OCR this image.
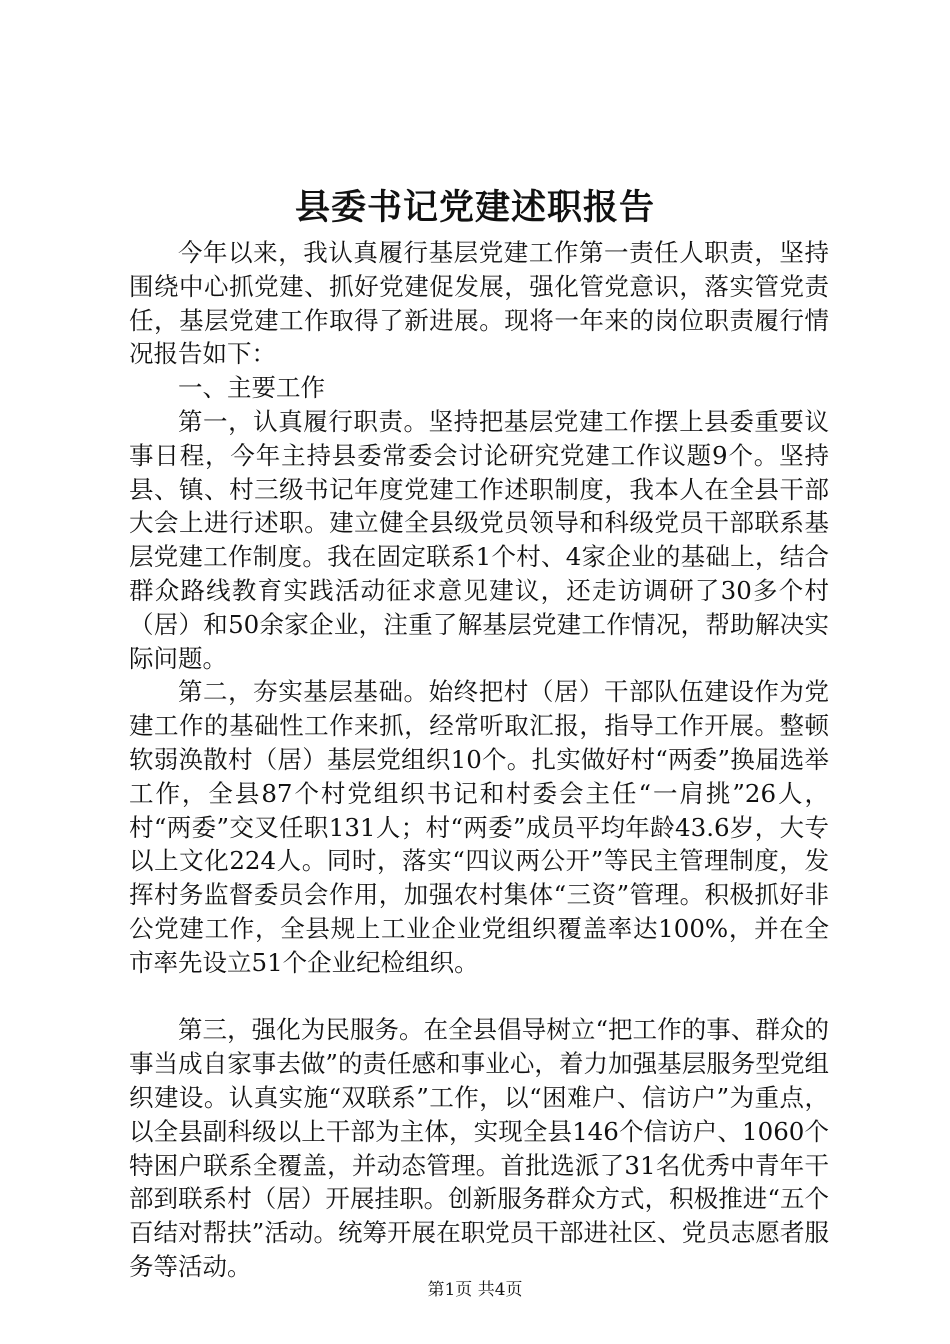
县委书记党建述职报告

今年以来，我认真履行基层党建工作第一责任人职责，坚持围绕中心抓党建、抓好党建促发展，强化管党意识，落实管党责任，基层党建工作取得了新进展。现将一年来的岗位职责履行情况报告如下：

一、主要工作

第一，认真履行职责。坚持把基层党建工作摆上县委重要议事日程，今年主持县委常委会讨论研究党建工作议题9个。坚持县、镇、村三级书记年度党建工作述职制度，我本人在全县干部大会上进行述职。建立健全县级党员领导和科级党员干部联系基层党建工作制度。我在固定联系1个村、4家企业的基础上，结合群众路线教育实践活动征求意见建议，还走访调研了30多个村（居）和50余家企业，注重了解基层党建工作情况，帮助解决实际问题。

第二，夯实基层基础。始终把村（居）干部队伍建设作为党建工作的基础性工作来抓，经常听取汇报，指导工作开展。整顿软弱涣散村（居）基层党组织10个。扎实做好村“两委”换届选举工作，全县87个村党组织书记和村委会主任“一肩挑”26人，村“两委”交叉任职131人；村“两委”成员平均年龄43.6岁，大专以上文化224人。同时，落实“四议两公开”等民主管理制度，发挥村务监督委员会作用，加强农村集体“三资”管理。积极抓好非公党建工作，全县规上工业企业党组织覆盖率达100%，并在全市率先设立51个企业纪检组织。

第三，强化为民服务。在全县倡导树立“把工作的事、群众的事当成自家事去做”的责任感和事业心，着力加强基层服务型党组织建设。认真实施“双联系”工作，以“困难户、信访户”为重点，以全县副科级以上干部为主体，实现全县146个信访户、1060个特困户联系全覆盖，并动态管理。首批选派了31名优秀中青年干部到联系村（居）开展挂职。创新服务群众方式，积极推进“五个百结对帮扶”活动。统筹开展在职党员干部进社区、党员志愿者服务等活动。

第1页 共4页
